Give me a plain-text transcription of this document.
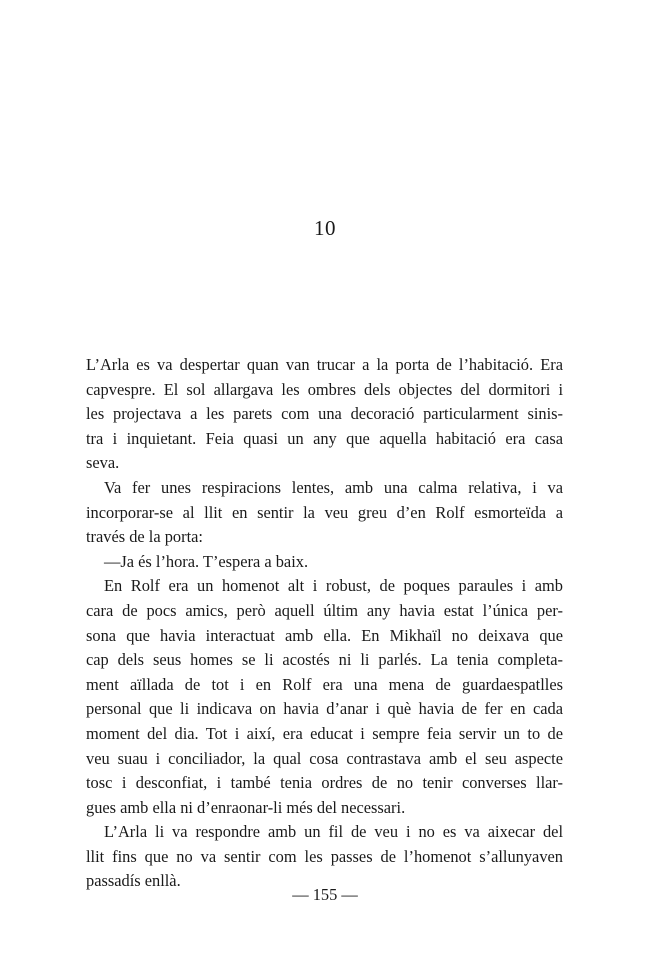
10

L’Arla es va despertar quan van trucar a la porta de l’habitació. Era
capvespre. El sol allargava les ombres dels objectes del dormitori i
les projectava a les parets com una decoració particularment sinis-
tra i inquietant. Feia quasi un any que aquella habitació era casa
seva.

Va fer unes respiracions lentes, amb una calma relativa, i va
incorporar-se al llit en sentir la veu greu d’en Rolf esmorteïda a
través de la porta:

—Ja és l’hora. T’espera a baix.

En Rolf era un homenot alt i robust, de poques paraules i amb
cara de pocs amics, però aquell últim any havia estat l’única per-
sona que havia interactuat amb ella. En Mikhaïl no deixava que
cap dels seus homes se li acostés ni li parlés. La tenia completa-
ment aïllada de tot i en Rolf era una mena de guardaespatlles
personal que li indicava on havia d’anar i què havia de fer en cada
moment del dia. Tot i així, era educat i sempre feia servir un to de
veu suau i conciliador, la qual cosa contrastava amb el seu aspecte
tosc i desconfiat, i també tenia ordres de no tenir converses llar-
gues amb ella ni d’enraonar-li més del necessari.

L’Arla li va respondre amb un fil de veu i no es va aixecar del
llit fins que no va sentir com les passes de l’homenot s’allunyaven
passadís enllà.

— 155 —
